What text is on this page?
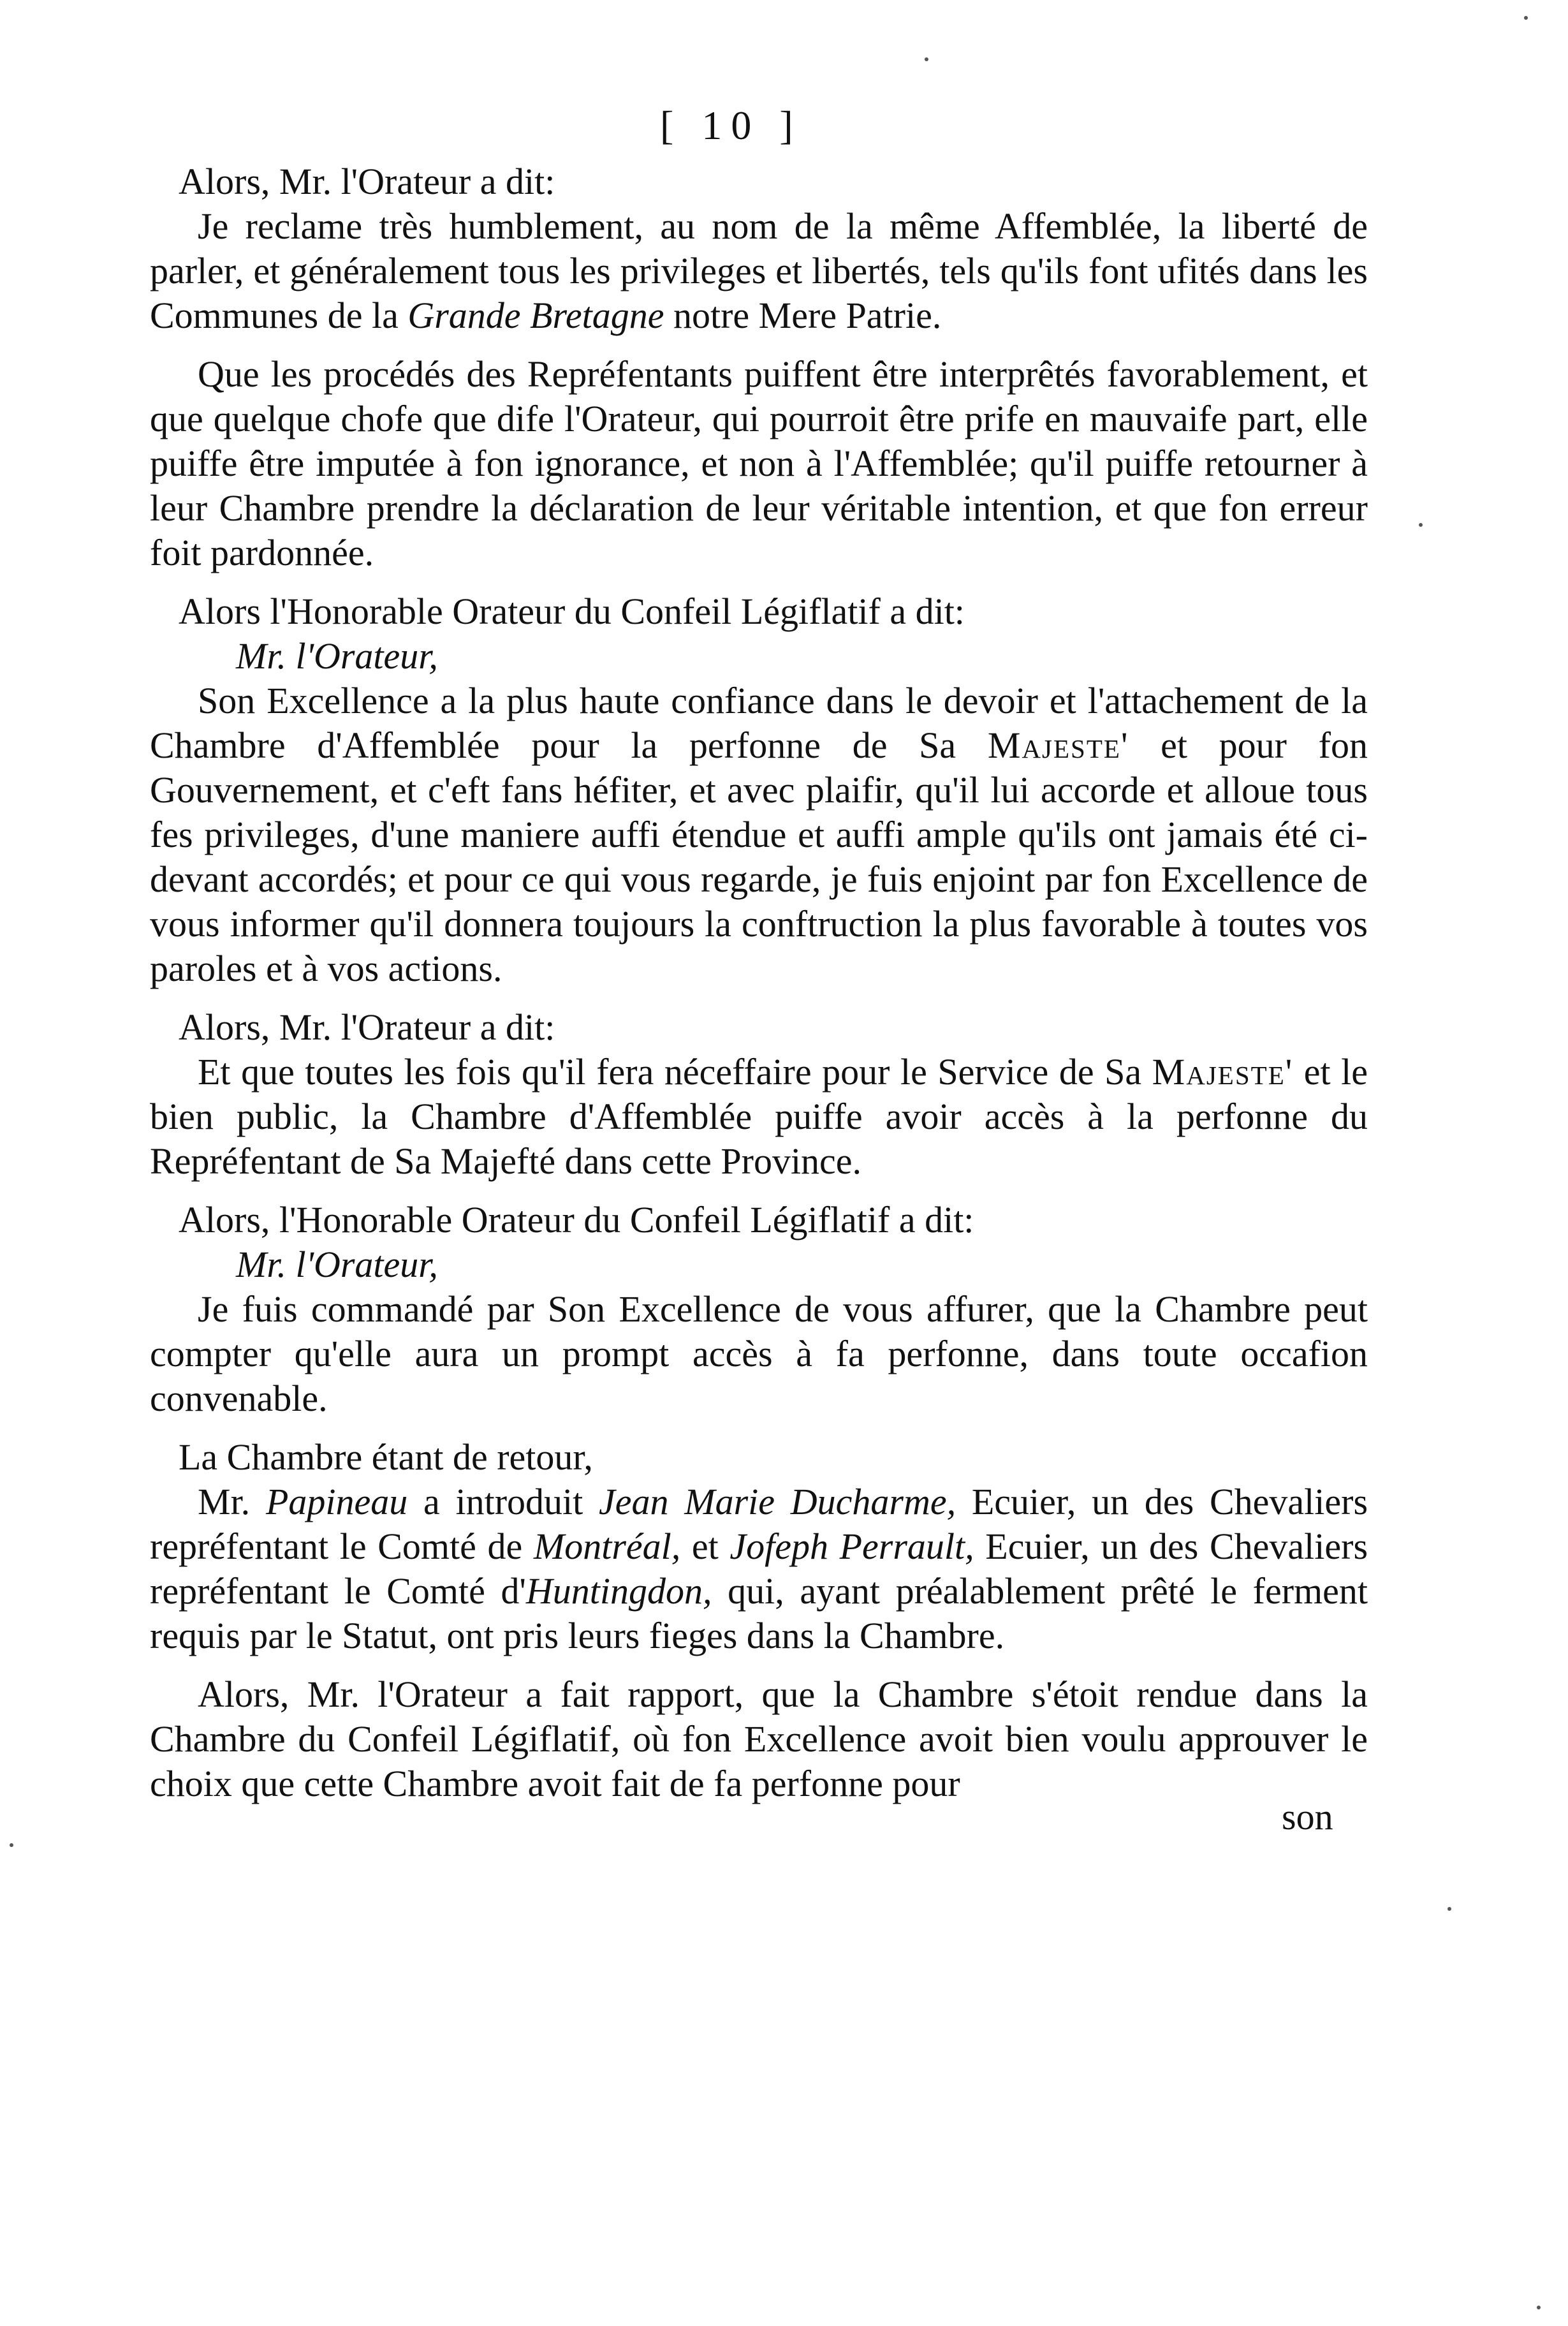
[ 10 ]

Alors, Mr. l'Orateur a dit:

Je reclame très humblement, au nom de la même Affemblée, la liberté de parler, et généralement tous les privileges et libertés, tels qu'ils font ufités dans les Communes de la Grande Bretagne notre Mere Patrie.

Que les procédés des Repréfentants puiffent être interprêtés favorablement, et que quelque chofe que dife l'Orateur, qui pourroit être prife en mauvaife part, elle puiffe être imputée à fon ignorance, et non à l'Affemblée; qu'il puiffe retourner à leur Chambre prendre la déclaration de leur véritable intention, et que fon erreur foit pardonnée.

Alors l'Honorable Orateur du Confeil Légiflatif a dit:

Mr. l'Orateur,

Son Excellence a la plus haute confiance dans le devoir et l'attachement de la Chambre d'Affemblée pour la perfonne de Sa Majeste' et pour fon Gouvernement, et c'eft fans héfiter, et avec plaifir, qu'il lui accorde et alloue tous fes privileges, d'une maniere auffi étendue et auffi ample qu'ils ont jamais été ci-devant accordés; et pour ce qui vous regarde, je fuis enjoint par fon Excellence de vous informer qu'il donnera toujours la conftruction la plus favorable à toutes vos paroles et à vos actions.

Alors, Mr. l'Orateur a dit:

Et que toutes les fois qu'il fera néceffaire pour le Service de Sa Majeste' et le bien public, la Chambre d'Affemblée puiffe avoir accès à la perfonne du Repréfentant de Sa Majefté dans cette Province.

Alors, l'Honorable Orateur du Confeil Légiflatif a dit:

Mr. l'Orateur,

Je fuis commandé par Son Excellence de vous affurer, que la Chambre peut compter qu'elle aura un prompt accès à fa perfonne, dans toute occafion convenable.

La Chambre étant de retour,

Mr. Papineau a introduit Jean Marie Ducharme, Ecuier, un des Chevaliers repréfentant le Comté de Montréal, et Jofeph Perrault, Ecuier, un des Chevaliers repréfentant le Comté d'Huntingdon, qui, ayant préalablement prêté le ferment requis par le Statut, ont pris leurs fieges dans la Chambre.

Alors, Mr. l'Orateur a fait rapport, que la Chambre s'étoit rendue dans la Chambre du Confeil Légiflatif, où fon Excellence avoit bien voulu approuver le choix que cette Chambre avoit fait de fa perfonne pour

son
